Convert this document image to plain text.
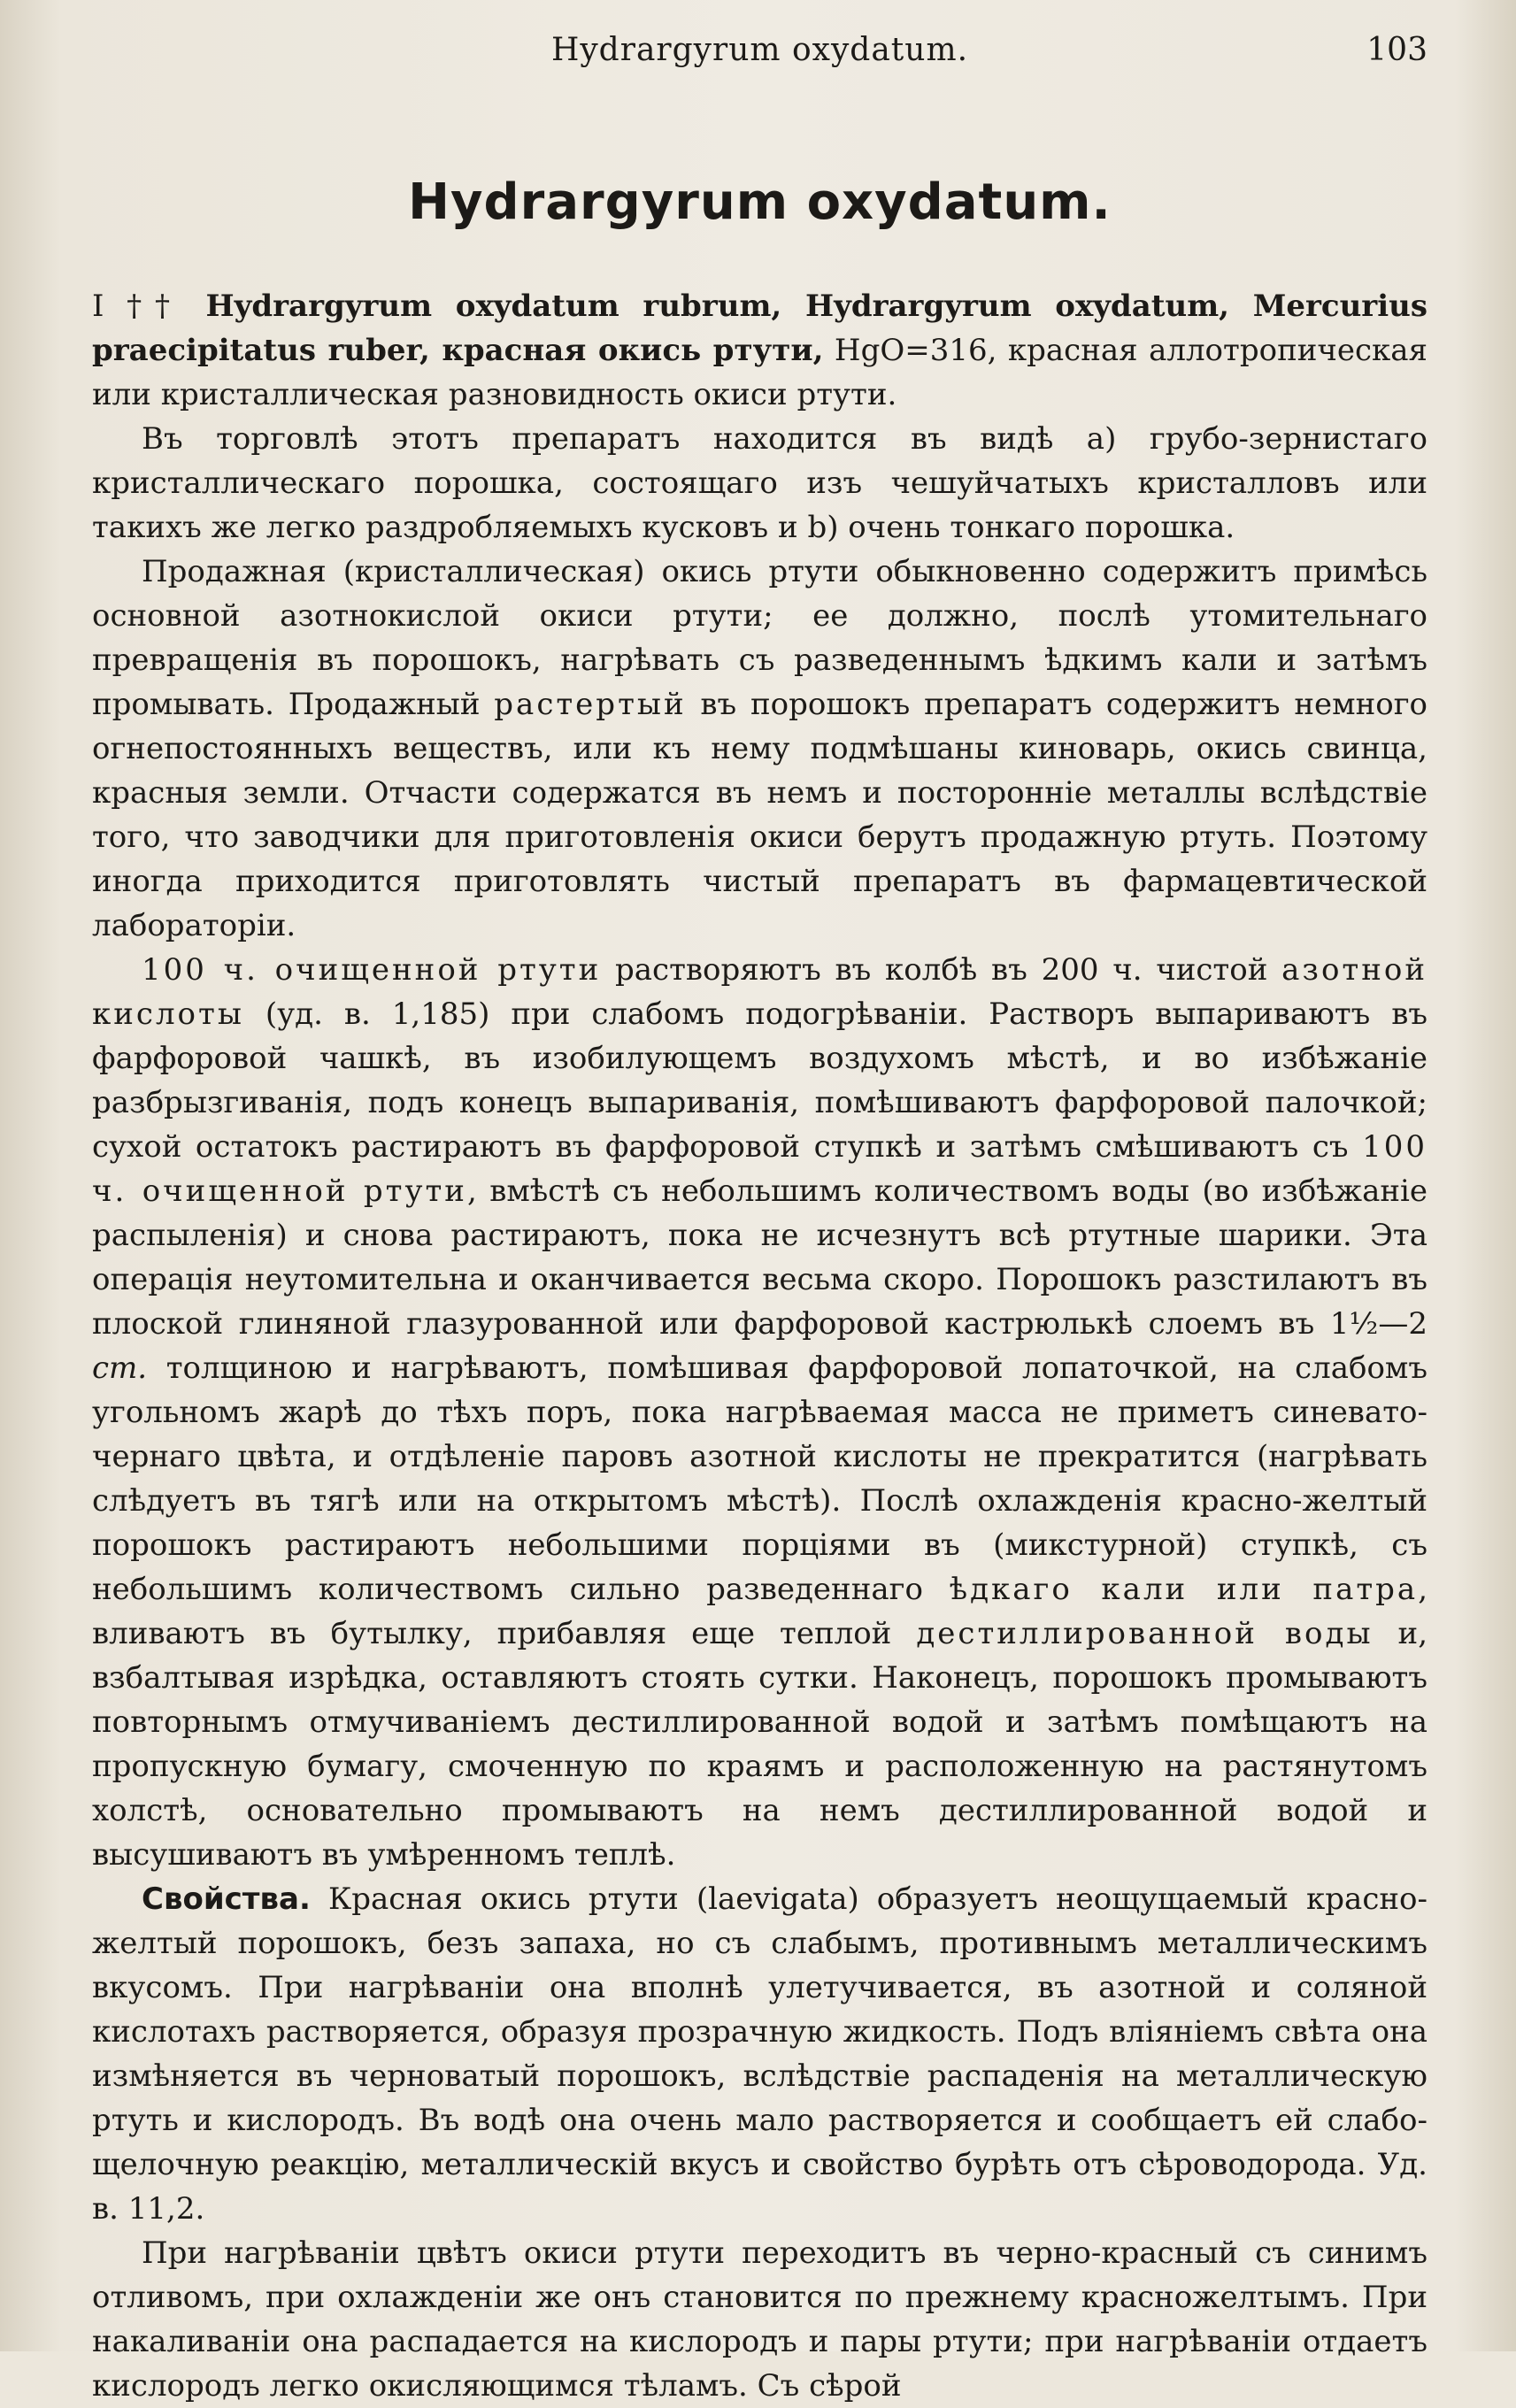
Hydrargyrum oxydatum.	103
Hydrargyrum oxydatum.

I †† Hydrargyrum oxydatum rubrum, Hydrargyrum oxydatum, Mercurius praecipitatus ruber, красная окись ртути, HgO=316, красная аллотропическая или кристаллическая разновидность окиси ртути.

Въ торговлѣ этотъ препаратъ находится въ видѣ а) грубо-зернистаго кристаллическаго порошка, состоящаго изъ чешуйчатыхъ кристалловъ или такихъ же легко раздробляемыхъ кусковъ и b) очень тонкаго порошка.

Продажная (кристаллическая) окись ртути обыкновенно содержитъ примѣсь основной азотнокислой окиси ртути; ее должно, послѣ утомительнаго превращенія въ порошокъ, нагрѣвать съ разведеннымъ ѣдкимъ кали и затѣмъ промывать. Продажный растертый въ порошокъ препаратъ содержитъ немного огнепостоянныхъ веществъ, или къ нему подмѣшаны киноварь, окись свинца, красныя земли. Отчасти содержатся въ немъ и посторонніе металлы вслѣдствіе того, что заводчики для приготовленія окиси берутъ продажную ртуть. Поэтому иногда приходится приготовлять чистый препаратъ въ фармацевтической лабораторіи.

100 ч. очищенной ртути растворяютъ въ колбѣ въ 200 ч. чистой азотной кислоты (уд. в. 1,185) при слабомъ подогрѣваніи. Растворъ выпариваютъ въ фарфоровой чашкѣ, въ изобилующемъ воздухомъ мѣстѣ, и во избѣжаніе разбрызгиванія, подъ конецъ выпариванія, помѣшиваютъ фарфоровой палочкой; сухой остатокъ растираютъ въ фарфоровой ступкѣ и затѣмъ смѣшиваютъ съ 100 ч. очищенной ртути, вмѣстѣ съ небольшимъ количествомъ воды (во избѣжаніе распыленія) и снова растираютъ, пока не исчезнутъ всѣ ртутные шарики. Эта операція неутомительна и оканчивается весьма скоро. Порошокъ разстилаютъ въ плоской глиняной глазурованной или фарфоровой кастрюлькѣ слоемъ въ 1½—2 cm. толщиною и нагрѣваютъ, помѣшивая фарфоровой лопаточкой, на слабомъ угольномъ жарѣ до тѣхъ поръ, пока нагрѣваемая масса не приметъ синевато-чернаго цвѣта, и отдѣленіе паровъ азотной кислоты не прекратится (нагрѣвать слѣдуетъ въ тягѣ или на открытомъ мѣстѣ). Послѣ охлажденія красно-желтый порошокъ растираютъ небольшими порціями въ (микстурной) ступкѣ, съ небольшимъ количествомъ сильно разведеннаго ѣдкаго кали или патра, вливаютъ въ бутылку, прибавляя еще теплой дестиллированной воды и, взбалтывая изрѣдка, оставляютъ стоять сутки. Наконецъ, порошокъ промываютъ повторнымъ отмучиваніемъ дестиллированной водой и затѣмъ помѣщаютъ на пропускную бумагу, смоченную по краямъ и расположенную на растянутомъ холстѣ, основательно промываютъ на немъ дестиллированной водой и высушиваютъ въ умѣренномъ теплѣ.

Свойства. Красная окись ртути (laevigata) образуетъ неощущаемый красно-желтый порошокъ, безъ запаха, но съ слабымъ, противнымъ металлическимъ вкусомъ. При нагрѣваніи она вполнѣ улетучивается, въ азотной и соляной кислотахъ растворяется, образуя прозрачную жидкость. Подъ вліяніемъ свѣта она измѣняется въ черноватый порошокъ, вслѣдствіе распаденія на металлическую ртуть и кислородъ. Въ водѣ она очень мало растворяется и сообщаетъ ей слабо-щелочную реакцію, металлическій вкусъ и свойство бурѣть отъ сѣроводорода. Уд. в. 11,2.

При нагрѣваніи цвѣтъ окиси ртути переходитъ въ черно-красный съ синимъ отливомъ, при охлажденіи же онъ становится по прежнему красножелтымъ. При накаливаніи она распадается на кислородъ и пары ртути; при нагрѣваніи отдаетъ кислородъ легко окисляющимся тѣламъ. Съ сѣрой
